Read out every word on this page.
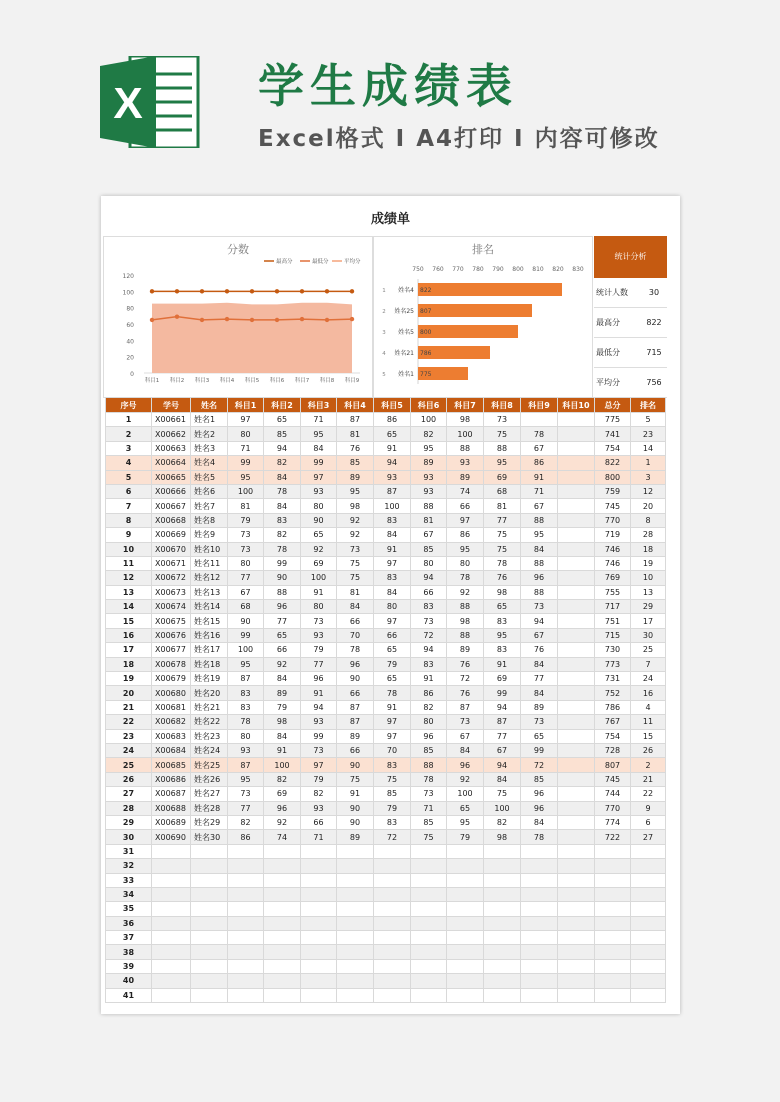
X	学生成绩表
Excel格式 I A4打印 I 内容可修改
成绩单
分数
0
20
40
60
80
100
120
科目1 科目2 科目3 科目4 科目5 科目6 科目7 科目8 科目9
最高分	最低分	平均分
排名
750 760 770 780 790 800 810 820 830
822
姓名4
1
807
姓名25
2
800
姓名5
3
786
姓名21
4
775
姓名1
5
统计分析
统计人数	30
最高分	822
最低分	715
平均分	756
序号	学号	姓名	科目1	科目2	科目3	科目4	科目5	科目6	科目7	科目8	科目9	科目10	总分	排名
1	X00661	姓名1	97	65	71	87	86	100	98	73			775	5
2	X00662	姓名2	80	85	95	81	65	82	100	75	78		741	23
3	X00663	姓名3	71	94	84	76	91	95	88	88	67		754	14
4	X00664	姓名4	99	82	99	85	94	89	93	95	86		822	1
5	X00665	姓名5	95	84	97	89	93	93	89	69	91		800	3
6	X00666	姓名6	100	78	93	95	87	93	74	68	71		759	12
7	X00667	姓名7	81	84	80	98	100	88	66	81	67		745	20
8	X00668	姓名8	79	83	90	92	83	81	97	77	88		770	8
9	X00669	姓名9	73	82	65	92	84	67	86	75	95		719	28
10	X00670	姓名10	73	78	92	73	91	85	95	75	84		746	18
11	X00671	姓名11	80	99	69	75	97	80	80	78	88		746	19
12	X00672	姓名12	77	90	100	75	83	94	78	76	96		769	10
13	X00673	姓名13	67	88	91	81	84	66	92	98	88		755	13
14	X00674	姓名14	68	96	80	84	80	83	88	65	73		717	29
15	X00675	姓名15	90	77	73	66	97	73	98	83	94		751	17
16	X00676	姓名16	99	65	93	70	66	72	88	95	67		715	30
17	X00677	姓名17	100	66	79	78	65	94	89	83	76		730	25
18	X00678	姓名18	95	92	77	96	79	83	76	91	84		773	7
19	X00679	姓名19	87	84	96	90	65	91	72	69	77		731	24
20	X00680	姓名20	83	89	91	66	78	86	76	99	84		752	16
21	X00681	姓名21	83	79	94	87	91	82	87	94	89		786	4
22	X00682	姓名22	78	98	93	87	97	80	73	87	73		767	11
23	X00683	姓名23	80	84	99	89	97	96	67	77	65		754	15
24	X00684	姓名24	93	91	73	66	70	85	84	67	99		728	26
25	X00685	姓名25	87	100	97	90	83	88	96	94	72		807	2
26	X00686	姓名26	95	82	79	75	75	78	92	84	85		745	21
27	X00687	姓名27	73	69	82	91	85	73	100	75	96		744	22
28	X00688	姓名28	77	96	93	90	79	71	65	100	96		770	9
29	X00689	姓名29	82	92	66	90	83	85	95	82	84		774	6
30	X00690	姓名30	86	74	71	89	72	75	79	98	78		722	27
31														
32														
33														
34														
35														
36														
37														
38														
39														
40														
41														
